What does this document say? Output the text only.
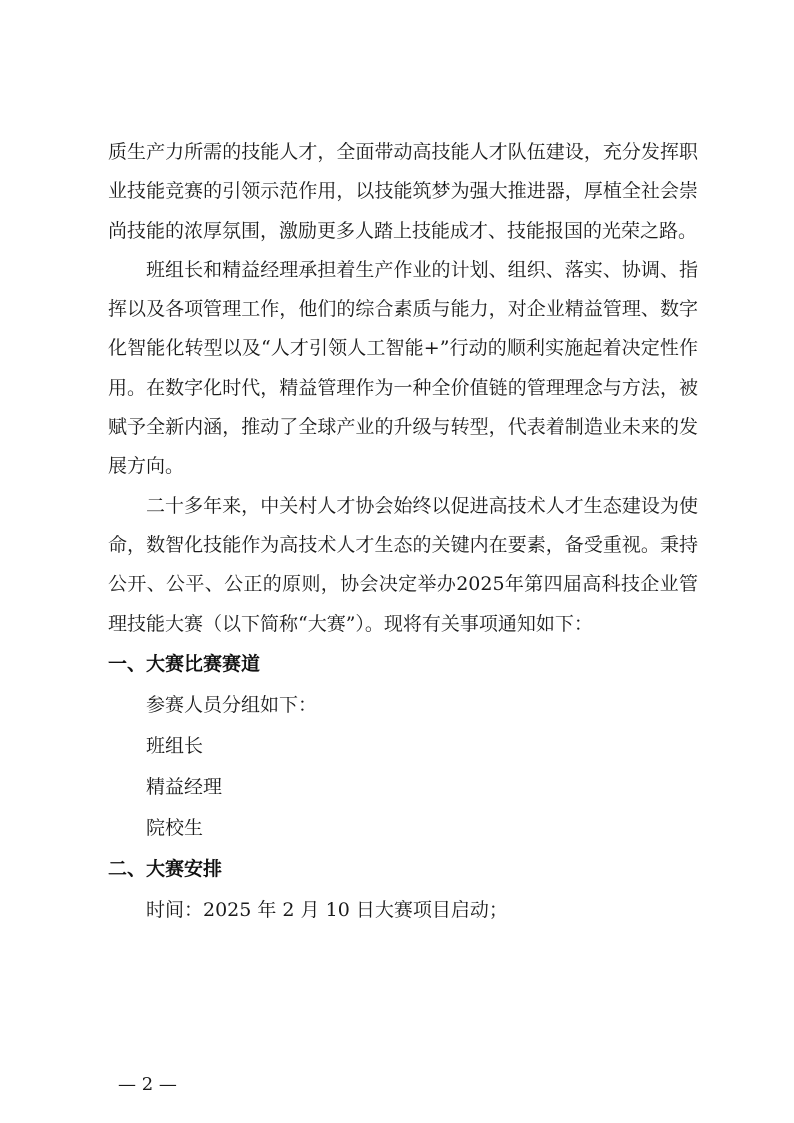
质生产力所需的技能人才，全面带动高技能人才队伍建设，充分发挥职业技能竞赛的引领示范作用，以技能筑梦为强大推进器，厚植全社会崇尚技能的浓厚氛围，激励更多人踏上技能成才、技能报国的光荣之路。

班组长和精益经理承担着生产作业的计划、组织、落实、协调、指挥以及各项管理工作，他们的综合素质与能力，对企业精益管理、数字化智能化转型以及“人才引领人工智能+”行动的顺利实施起着决定性作用。在数字化时代，精益管理作为一种全价值链的管理理念与方法，被赋予全新内涵，推动了全球产业的升级与转型，代表着制造业未来的发展方向。

二十多年来，中关村人才协会始终以促进高技术人才生态建设为使命，数智化技能作为高技术人才生态的关键内在要素，备受重视。秉持公开、公平、公正的原则，协会决定举办2025年第四届高科技企业管理技能大赛（以下简称“大赛”）。现将有关事项通知如下：

一、大赛比赛赛道

参赛人员分组如下：

班组长

精益经理

院校生

二、大赛安排

时间：2025 年 2 月 10 日大赛项目启动；

— 2 —
